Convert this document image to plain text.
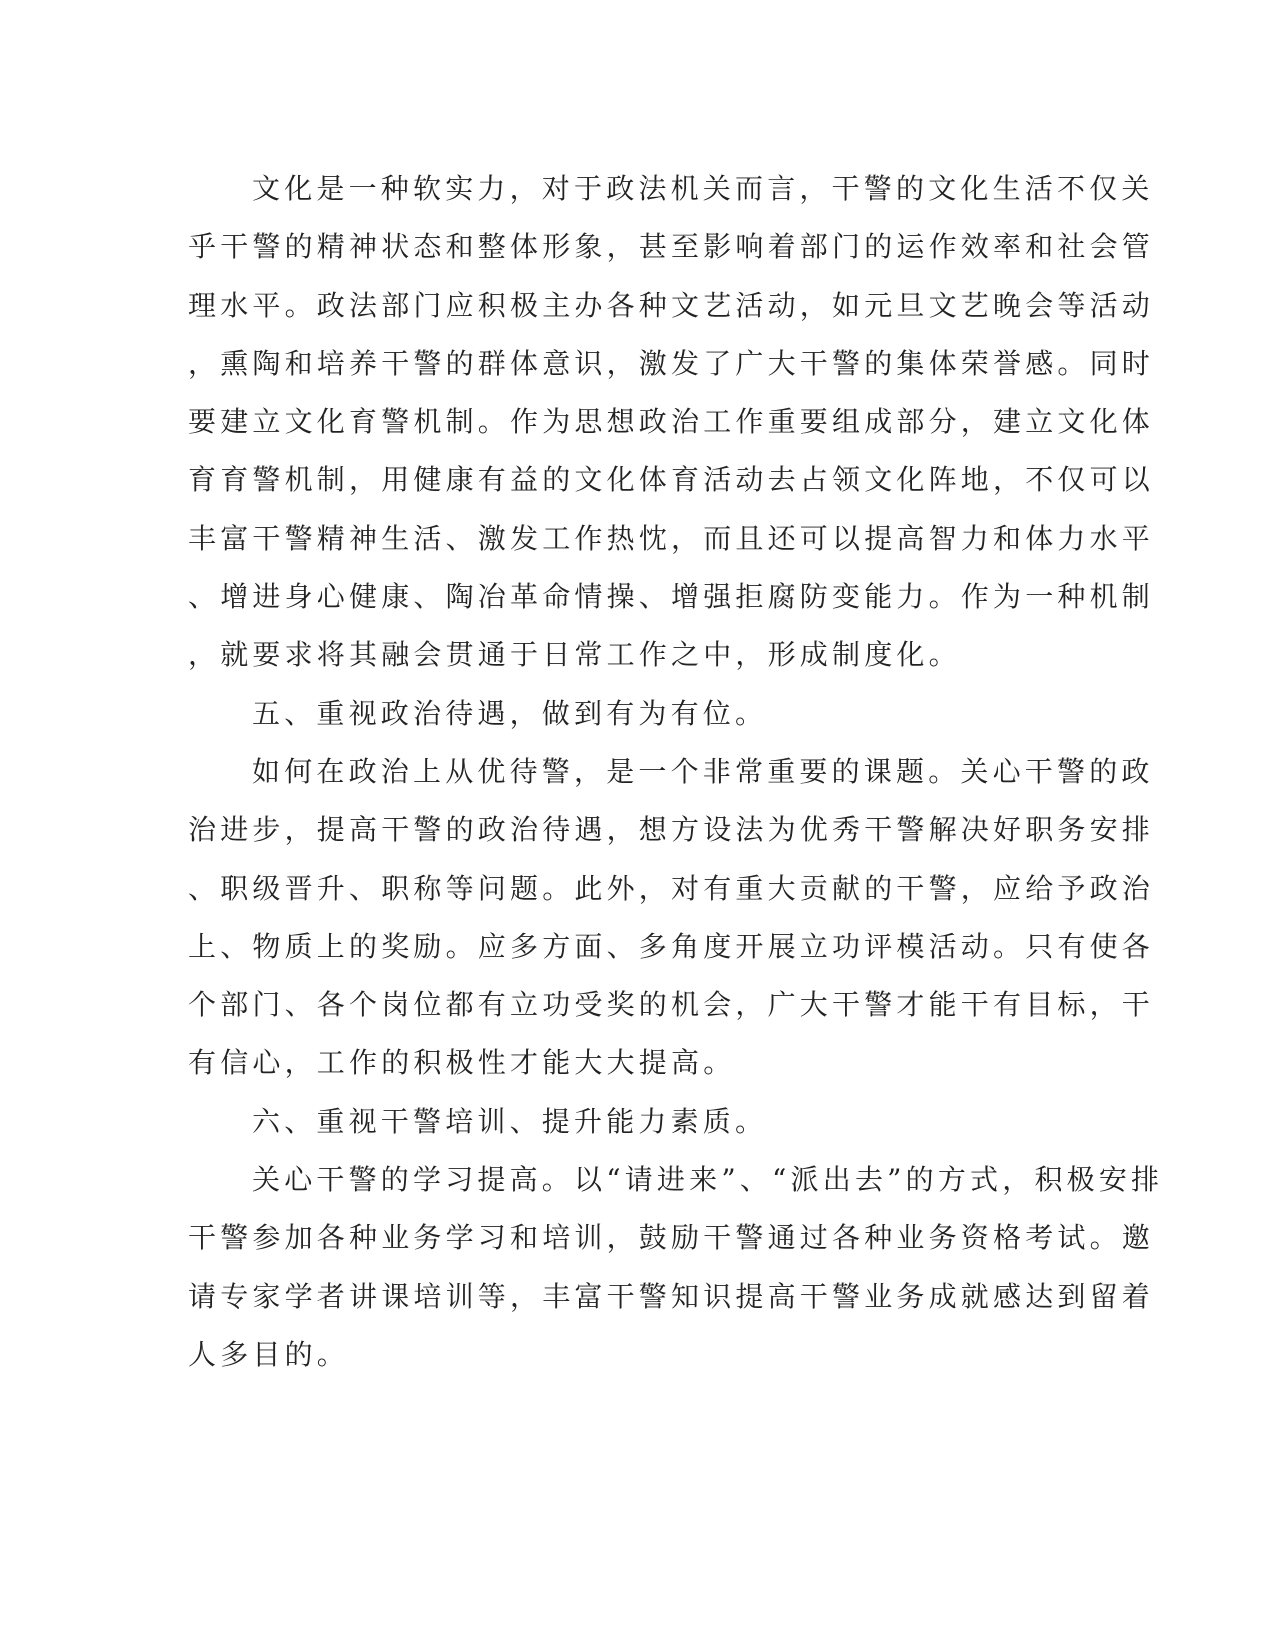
文化是一种软实力，对于政法机关而言，干警的文化生活不仅关
乎干警的精神状态和整体形象，甚至影响着部门的运作效率和社会管
理水平。政法部门应积极主办各种文艺活动，如元旦文艺晚会等活动
，熏陶和培养干警的群体意识，激发了广大干警的集体荣誉感。同时
要建立文化育警机制。作为思想政治工作重要组成部分，建立文化体
育育警机制，用健康有益的文化体育活动去占领文化阵地，不仅可以
丰富干警精神生活、激发工作热忱，而且还可以提高智力和体力水平
、增进身心健康、陶冶革命情操、增强拒腐防变能力。作为一种机制
，就要求将其融会贯通于日常工作之中，形成制度化。
五、重视政治待遇，做到有为有位。
如何在政治上从优待警，是一个非常重要的课题。关心干警的政
治进步，提高干警的政治待遇，想方设法为优秀干警解决好职务安排
、职级晋升、职称等问题。此外，对有重大贡献的干警，应给予政治
上、物质上的奖励。应多方面、多角度开展立功评模活动。只有使各
个部门、各个岗位都有立功受奖的机会，广大干警才能干有目标，干
有信心，工作的积极性才能大大提高。
六、重视干警培训、提升能力素质。
关心干警的学习提高。以“请进来”、“派出去”的方式，积极安排
干警参加各种业务学习和培训，鼓励干警通过各种业务资格考试。邀
请专家学者讲课培训等，丰富干警知识提高干警业务成就感达到留着
人多目的。
